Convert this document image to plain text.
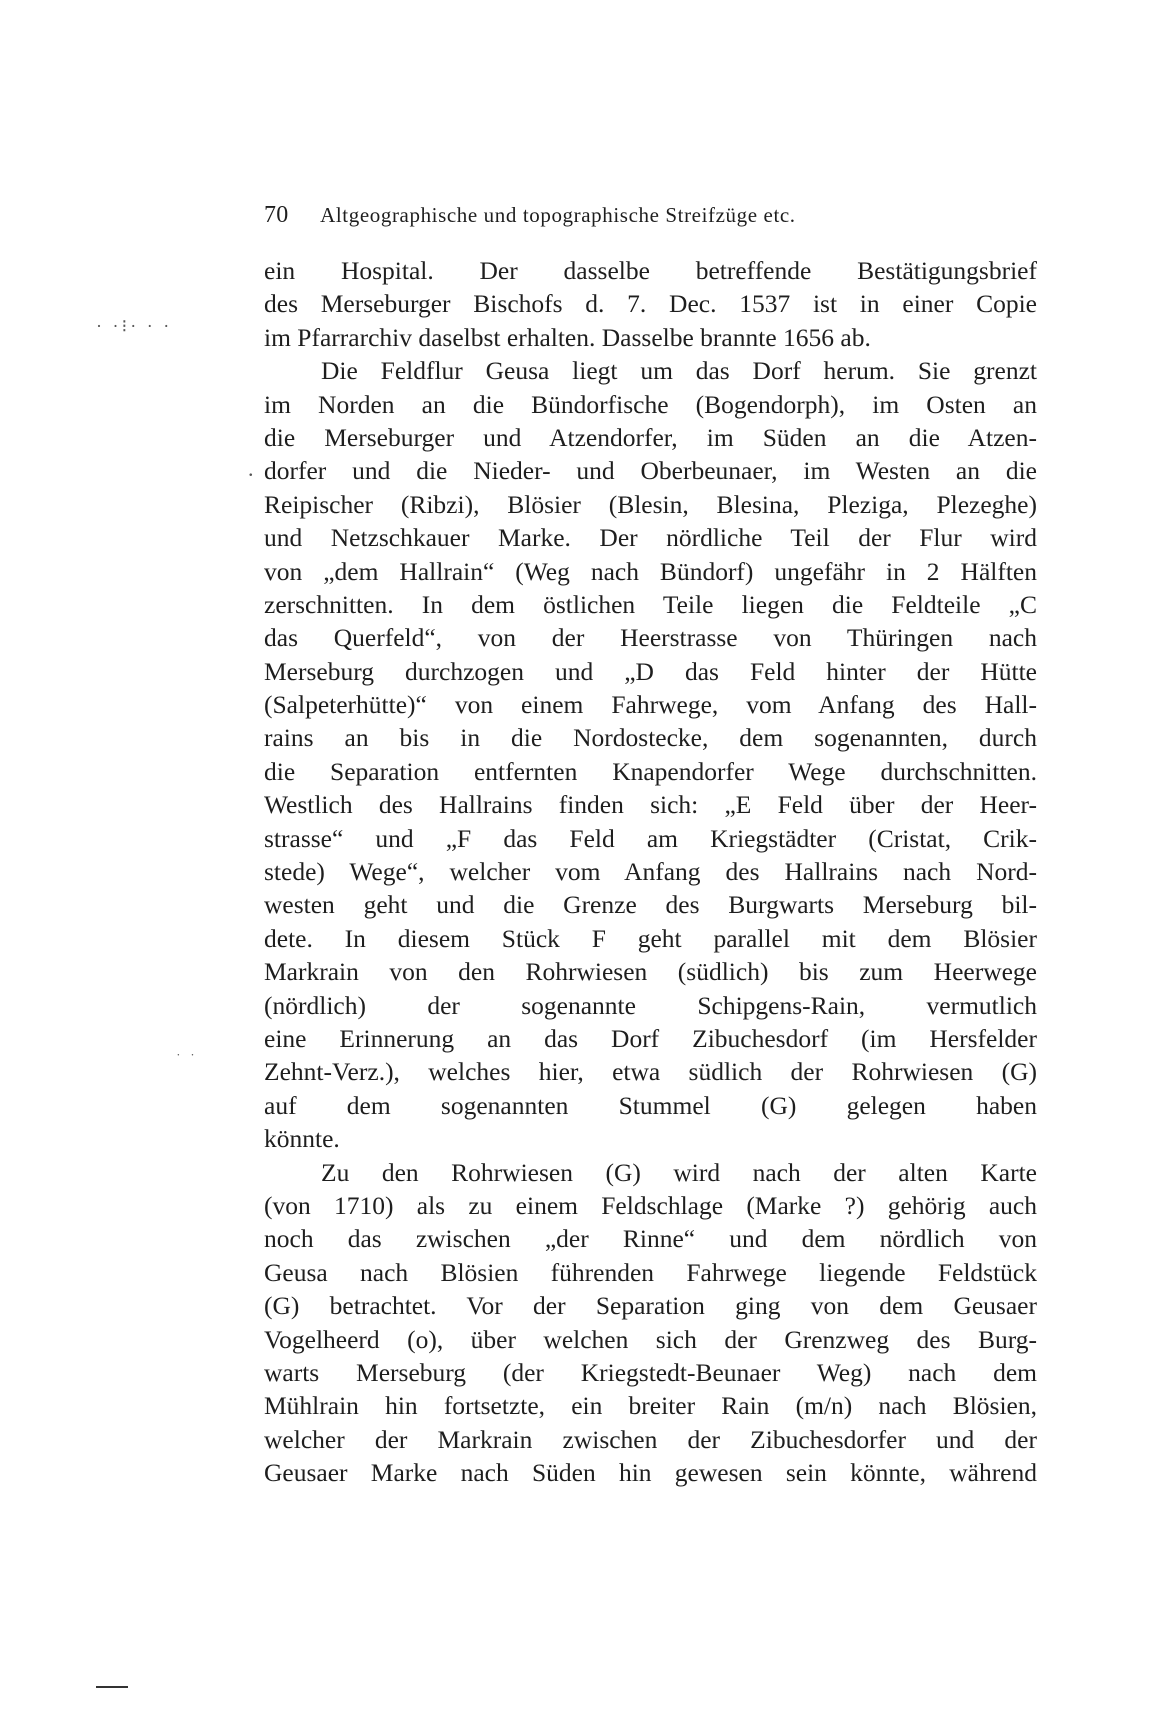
70 Altgeographische und topographische Streifzüge etc.
· ·⁝· · ·
˙ ˙
.
ein Hospital. Der dasselbe betreffende Bestätigungsbrief
des Merseburger Bischofs d. 7. Dec. 1537 ist in einer Copie
im Pfarrarchiv daselbst erhalten. Dasselbe brannte 1656 ab.
Die Feldflur Geusa liegt um das Dorf herum. Sie grenzt
im Norden an die Bündorfische (Bogendorph), im Osten an
die Merseburger und Atzendorfer, im Süden an die Atzen-
dorfer und die Nieder- und Oberbeunaer, im Westen an die
Reipischer (Ribzi), Blösier (Blesin, Blesina, Pleziga, Plezeghe)
und Netzschkauer Marke. Der nördliche Teil der Flur wird
von „dem Hallrain“ (Weg nach Bündorf) ungefähr in 2 Hälften
zerschnitten. In dem östlichen Teile liegen die Feldteile „C
das Querfeld“, von der Heerstrasse von Thüringen nach
Merseburg durchzogen und „D das Feld hinter der Hütte
(Salpeterhütte)“ von einem Fahrwege, vom Anfang des Hall-
rains an bis in die Nordostecke, dem sogenannten, durch
die Separation entfernten Knapendorfer Wege durchschnitten.
Westlich des Hallrains finden sich: „E Feld über der Heer-
strasse“ und „F das Feld am Kriegstädter (Cristat, Crik-
stede) Wege“, welcher vom Anfang des Hallrains nach Nord-
westen geht und die Grenze des Burgwarts Merseburg bil-
dete. In diesem Stück F geht parallel mit dem Blösier
Markrain von den Rohrwiesen (südlich) bis zum Heerwege
(nördlich) der sogenannte Schipgens-Rain, vermutlich
eine Erinnerung an das Dorf Zibuchesdorf (im Hersfelder
Zehnt-Verz.), welches hier, etwa südlich der Rohrwiesen (G)
auf dem sogenannten Stummel (G) gelegen haben
könnte.
Zu den Rohrwiesen (G) wird nach der alten Karte
(von 1710) als zu einem Feldschlage (Marke ?) gehörig auch
noch das zwischen „der Rinne“ und dem nördlich von
Geusa nach Blösien führenden Fahrwege liegende Feldstück
(G) betrachtet. Vor der Separation ging von dem Geusaer
Vogelheerd (o), über welchen sich der Grenzweg des Burg-
warts Merseburg (der Kriegstedt-Beunaer Weg) nach dem
Mühlrain hin fortsetzte, ein breiter Rain (m/n) nach Blösien,
welcher der Markrain zwischen der Zibuchesdorfer und der
Geusaer Marke nach Süden hin gewesen sein könnte, während
